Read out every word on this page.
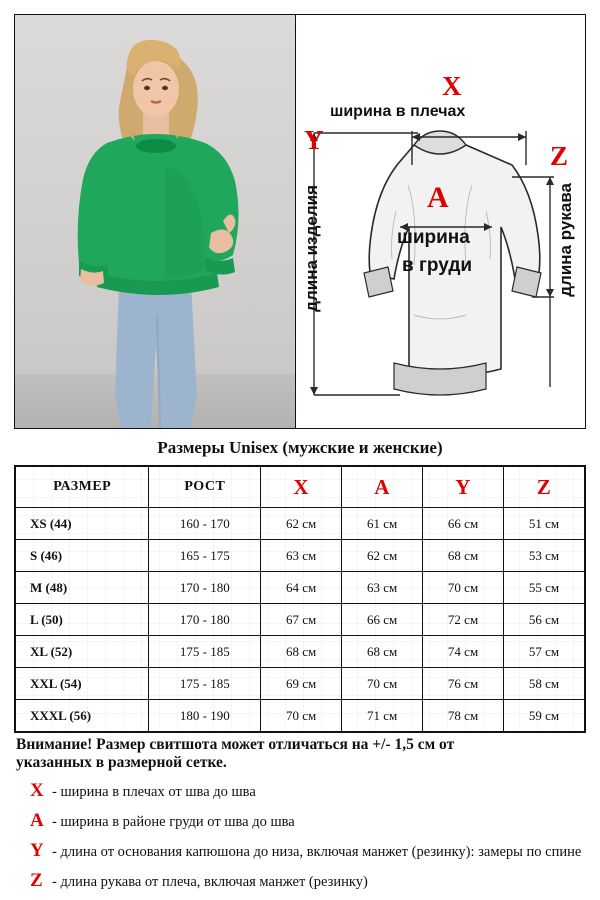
X
ширина в плечах
Y
длина изделия
Z
длина рукава
A
ширина
в груди
Размеры Unisex (мужские и женские)
РАЗМЕР	РОСТ	X	A	Y	Z
XS (44)	160 - 170	62 см	61 см	66 см	51 см
S (46)	165 - 175	63 см	62 см	68 см	53 см
M (48)	170 - 180	64 см	63 см	70 см	55 см
L (50)	170 - 180	67 см	66 см	72 см	56 см
XL (52)	175 - 185	68 см	68 см	74 см	57 см
XXL (54)	175 - 185	69 см	70 см	76 см	58 см
XXXL (56)	180 - 190	70 см	71 см	78 см	59 см
Внимание! Размер свитшота может отличаться на +/- 1,5 см от
указанных в размерной сетке.
X - ширина в плечах от шва до шва
A - ширина в районе груди от шва до шва
Y - длина от основания капюшона до низа, включая манжет (резинку): замеры по спине
Z - длина рукава от плеча, включая манжет (резинку)
